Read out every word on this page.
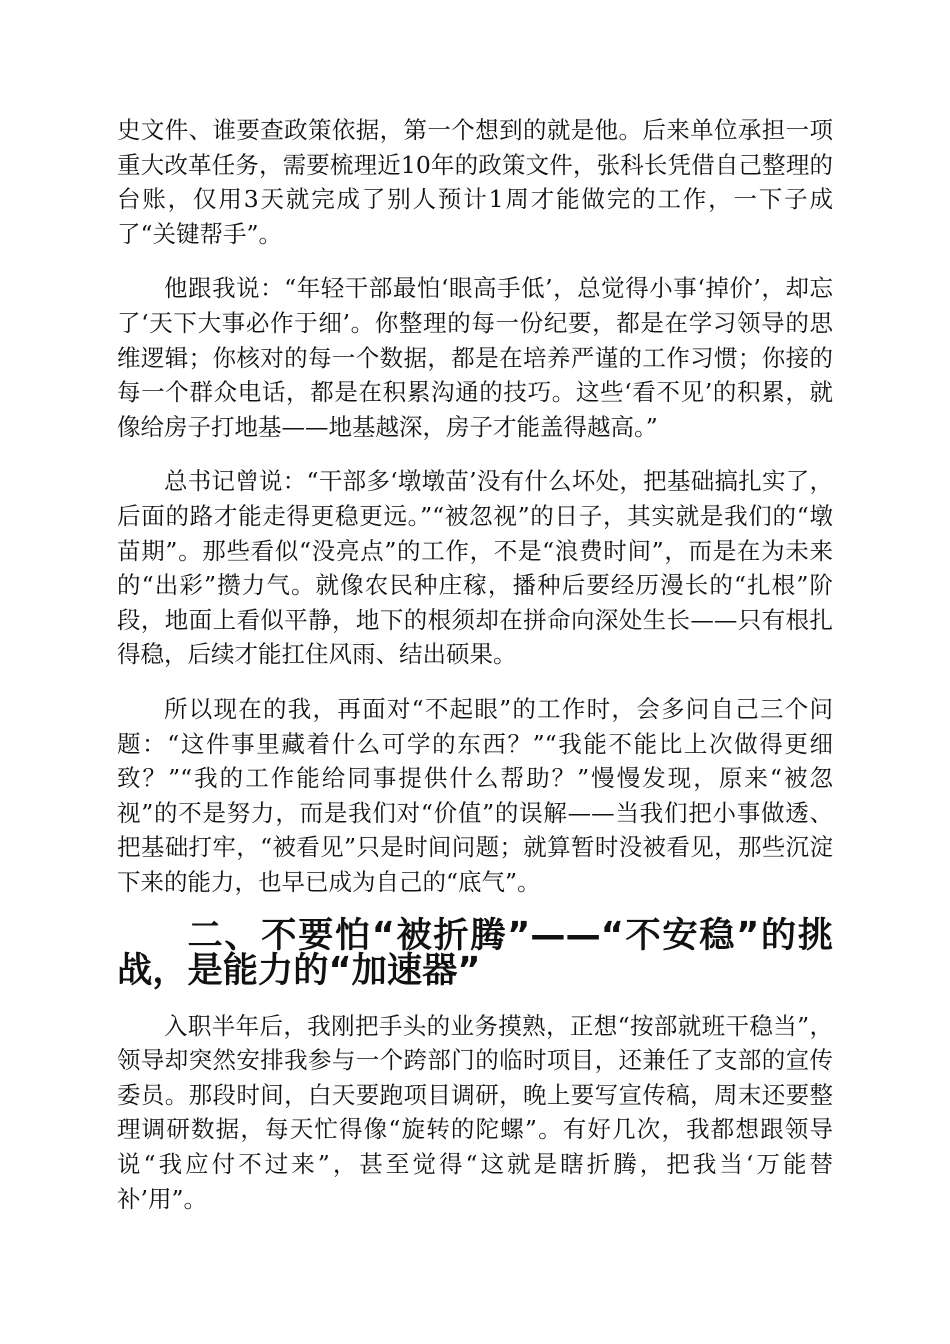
史文件、谁要查政策依据，第一个想到的就是他。后来单位承担一项重大改革任务，需要梳理近10年的政策文件，张科长凭借自己整理的台账，仅用3天就完成了别人预计1周才能做完的工作，一下子成了“关键帮手”。

他跟我说：“年轻干部最怕‘眼高手低’，总觉得小事‘掉价’，却忘了‘天下大事必作于细’。你整理的每一份纪要，都是在学习领导的思维逻辑；你核对的每一个数据，都是在培养严谨的工作习惯；你接的每一个群众电话，都是在积累沟通的技巧。这些‘看不见’的积累，就像给房子打地基——地基越深，房子才能盖得越高。”

总书记曾说：“干部多‘墩墩苗’没有什么坏处，把基础搞扎实了，后面的路才能走得更稳更远。”“被忽视”的日子，其实就是我们的“墩苗期”。那些看似“没亮点”的工作，不是“浪费时间”，而是在为未来的“出彩”攒力气。就像农民种庄稼，播种后要经历漫长的“扎根”阶段，地面上看似平静，地下的根须却在拼命向深处生长——只有根扎得稳，后续才能扛住风雨、结出硕果。

所以现在的我，再面对“不起眼”的工作时，会多问自己三个问题：“这件事里藏着什么可学的东西？”“我能不能比上次做得更细致？”“我的工作能给同事提供什么帮助？”慢慢发现，原来“被忽视”的不是努力，而是我们对“价值”的误解——当我们把小事做透、把基础打牢，“被看见”只是时间问题；就算暂时没被看见，那些沉淀下来的能力，也早已成为自己的“底气”。

二、不要怕“被折腾”——“不安稳”的挑战，是能力的“加速器”

入职半年后，我刚把手头的业务摸熟，正想“按部就班干稳当”，领导却突然安排我参与一个跨部门的临时项目，还兼任了支部的宣传委员。那段时间，白天要跑项目调研，晚上要写宣传稿，周末还要整理调研数据，每天忙得像“旋转的陀螺”。有好几次，我都想跟领导说“我应付不过来”，甚至觉得“这就是瞎折腾，把我当‘万能替补’用”。
